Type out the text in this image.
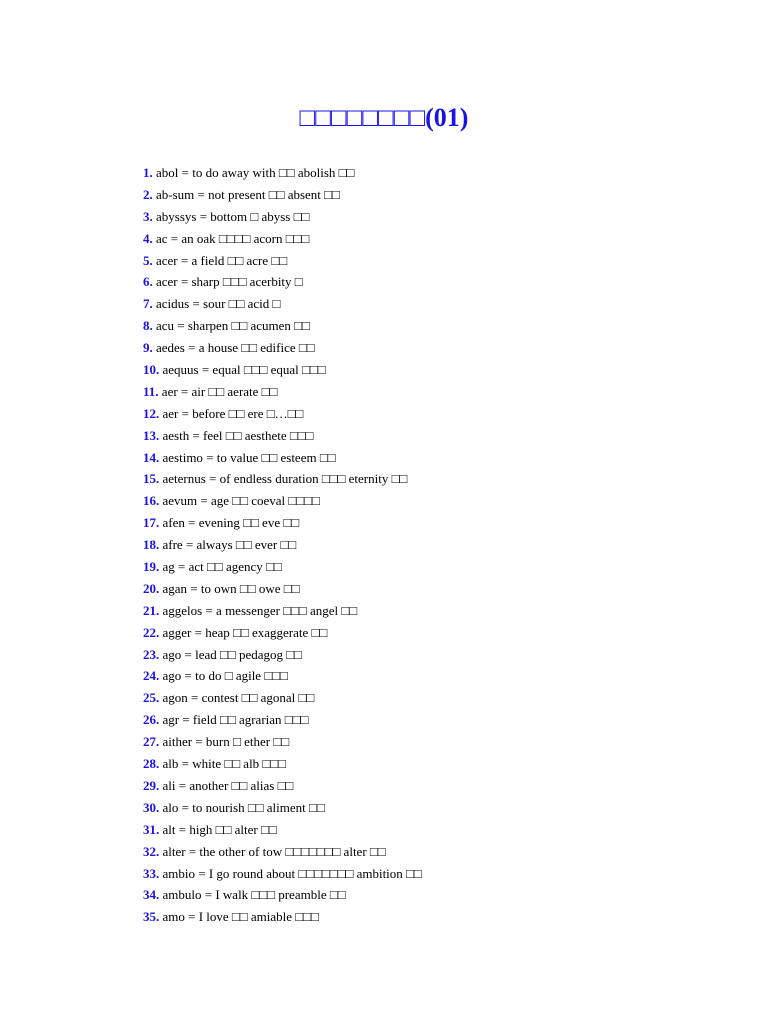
□□□□□□□□(01)
1. abol = to do away with □□ abolish □□
2. ab-sum = not present □□ absent □□
3. abyssys = bottom □ abyss □□
4. ac = an oak □□□□ acorn □□□
5. acer = a field □□ acre □□
6. acer = sharp □□□ acerbity □
7. acidus = sour □□ acid □
8. acu = sharpen □□ acumen □□
9. aedes = a house □□ edifice □□
10. aequus = equal □□□ equal □□□
11. aer = air □□ aerate □□
12. aer = before □□ ere □…□□
13. aesth = feel □□ aesthete □□□
14. aestimo = to value □□ esteem □□
15. aeternus = of endless duration □□□ eternity □□
16. aevum = age □□ coeval □□□□
17. afen = evening □□ eve □□
18. afre = always □□ ever □□
19. ag = act □□ agency □□
20. agan = to own □□ owe □□
21. aggelos = a messenger □□□ angel □□
22. agger = heap □□ exaggerate □□
23. ago = lead □□ pedagog □□
24. ago = to do □ agile □□□
25. agon = contest □□ agonal □□
26. agr = field □□ agrarian □□□
27. aither = burn □ ether □□
28. alb = white □□ alb □□□
29. ali = another □□ alias □□
30. alo = to nourish □□ aliment □□
31. alt = high □□ alter □□
32. alter = the other of tow □□□□□□□ alter □□
33. ambio = I go round about □□□□□□□ ambition □□
34. ambulo = I walk □□□ preamble □□
35. amo = I love □□ amiable □□□
